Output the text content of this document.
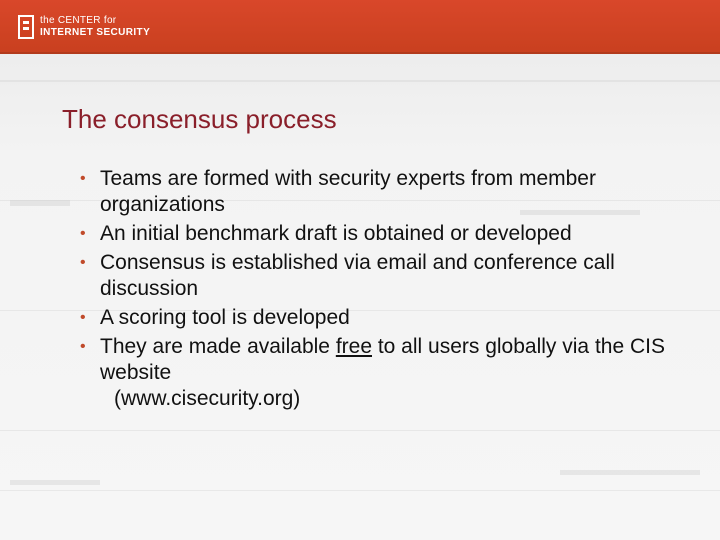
the CENTER for
INTERNET SECURITY
The consensus process
• Teams are formed with security experts from member organizations
• An initial benchmark draft is obtained or developed
• Consensus is established via email and conference call discussion
• A scoring tool is developed
• They are made available free to all users globally via the CIS website
(www.cisecurity.org)
